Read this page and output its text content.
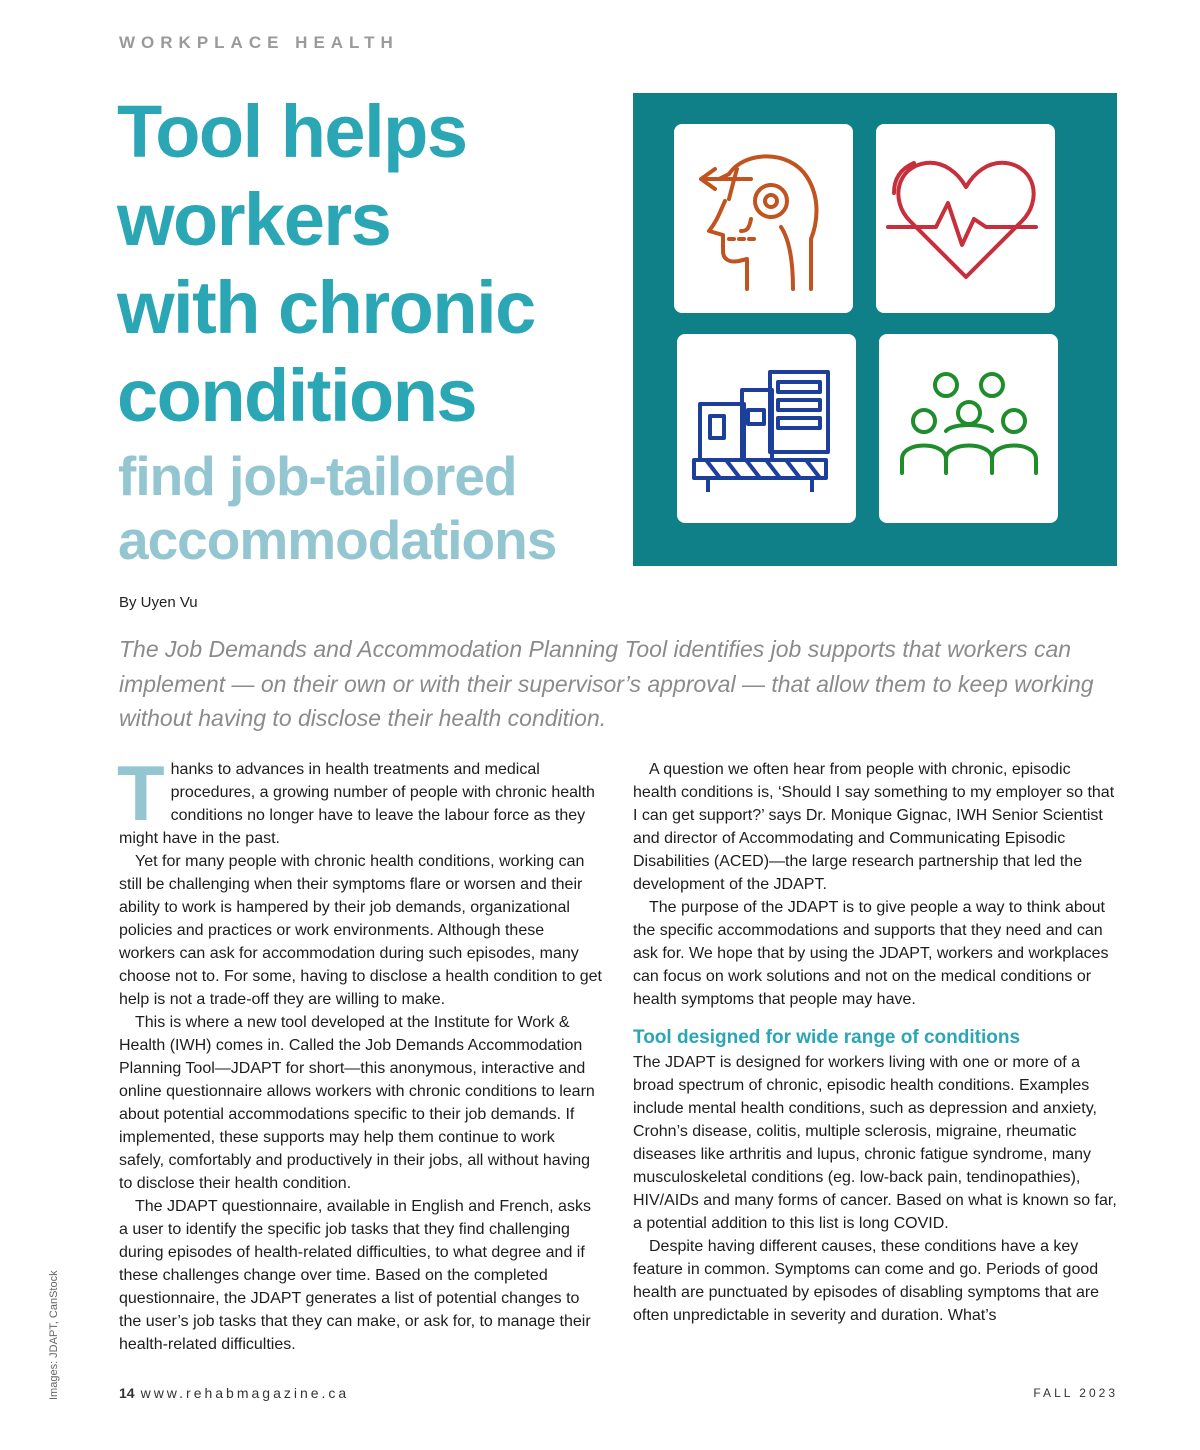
WORKPLACE HEALTH
Tool helps
workers
with chronic
conditions
find job-tailored
accommodations
By Uyen Vu
The Job Demands and Accommodation Planning Tool identifies job supports that workers can implement — on their own or with their supervisor’s approval — that allow them to keep working without having to disclose their health condition.

Thanks to advances in health treatments and medical procedures, a growing number of people with chronic health conditions no longer have to leave the labour force as they might have in the past.

Yet for many people with chronic health conditions, working can still be challenging when their symptoms flare or worsen and their ability to work is hampered by their job demands, organizational policies and practices or work environments. Although these workers can ask for accommodation during such episodes, many choose not to. For some, having to disclose a health condition to get help is not a trade-off they are willing to make.

This is where a new tool developed at the Institute for Work & Health (IWH) comes in. Called the Job Demands Accommodation Planning Tool—JDAPT for short—this anonymous, interactive and online questionnaire allows workers with chronic conditions to learn about potential accommodations specific to their job demands. If implemented, these supports may help them continue to work safely, comfortably and productively in their jobs, all without having to disclose their health condition.

The JDAPT questionnaire, available in English and French, asks a user to identify the specific job tasks that they find challenging during episodes of health-related difficulties, to what degree and if these challenges change over time. Based on the completed questionnaire, the JDAPT generates a list of potential changes to the user’s job tasks that they can make, or ask for, to manage their health-related difficulties.

A question we often hear from people with chronic, episodic health conditions is, ‘Should I say something to my employer so that I can get support?’ says Dr. Monique Gignac, IWH Senior Scientist and director of Accommodating and Communicating Episodic Disabilities (ACED)—the large research partnership that led the development of the JDAPT.

The purpose of the JDAPT is to give people a way to think about the specific accommodations and supports that they need and can ask for. We hope that by using the JDAPT, workers and workplaces can focus on work solutions and not on the medical conditions or health symptoms that people may have.

Tool designed for wide range of conditions

The JDAPT is designed for workers living with one or more of a broad spectrum of chronic, episodic health conditions. Examples include mental health conditions, such as depression and anxiety, Crohn’s disease, colitis, multiple sclerosis, migraine, rheumatic diseases like arthritis and lupus, chronic fatigue syndrome, many musculoskeletal conditions (eg. low-back pain, tendinopathies), HIV/AIDs and many forms of cancer. Based on what is known so far, a potential addition to this list is long COVID.

Despite having different causes, these conditions have a key feature in common. Symptoms can come and go. Periods of good health are punctuated by episodes of disabling symptoms that are often unpredictable in severity and duration. What’s

Images: JDAPT, CanStock	14 www.rehabmagazine.ca	FALL 2023
